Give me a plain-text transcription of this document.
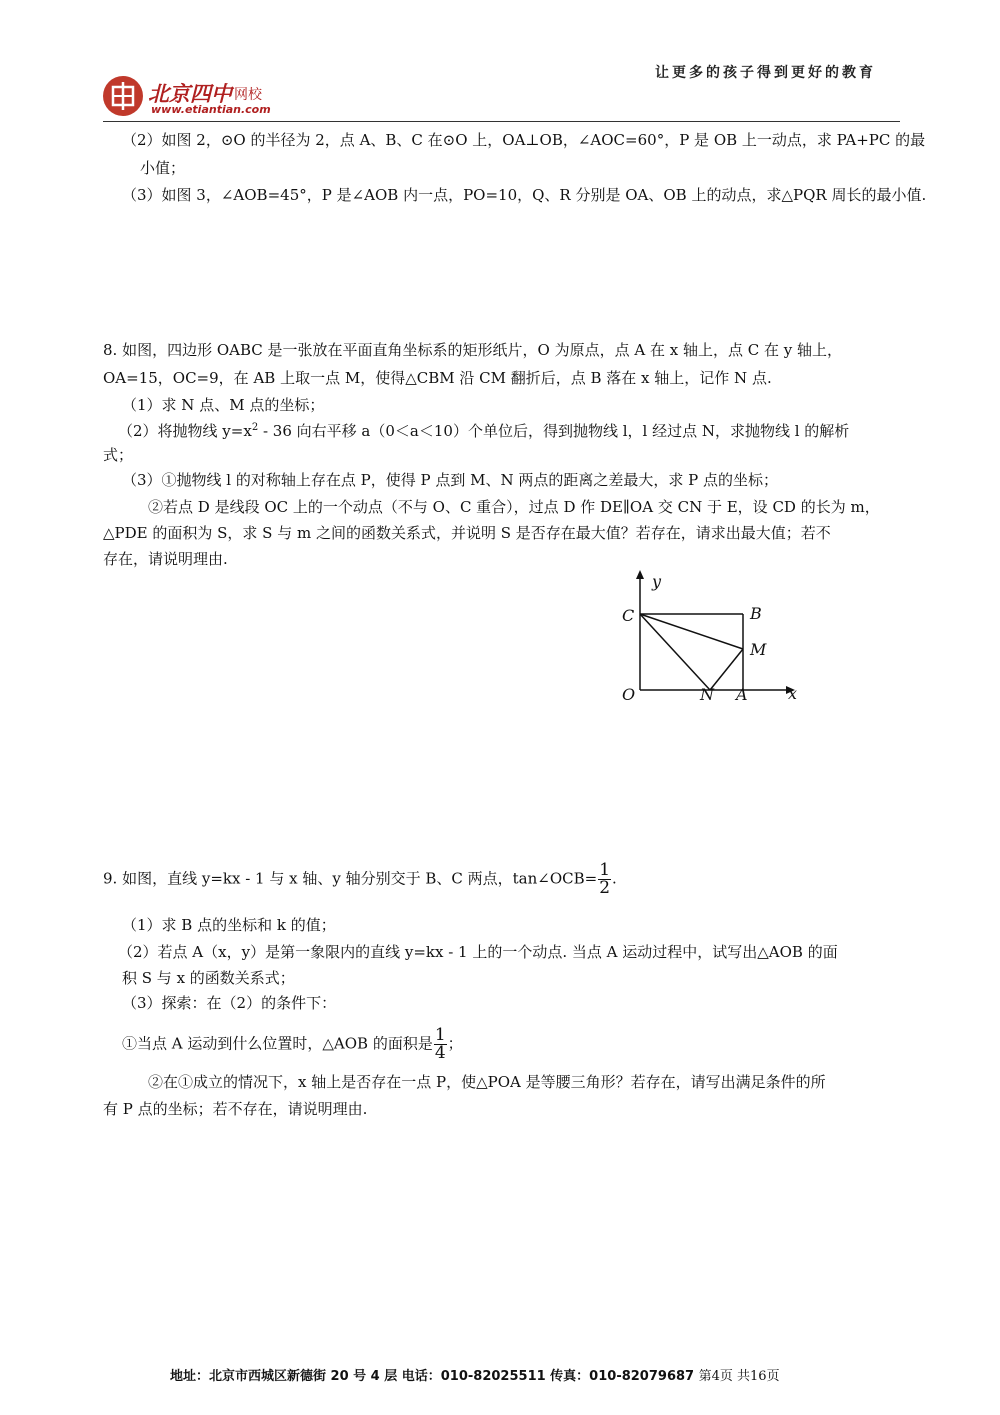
让更多的孩子得到更好的教育
北京四中 网校
www.etiantian.com
（2）如图 2，⊙O 的半径为 2，点 A、B、C 在⊙O 上，OA⊥OB，∠AOC=60°，P 是 OB 上一动点，求 PA+PC 的最
小值；
（3）如图 3，∠AOB=45°，P 是∠AOB 内一点，PO=10，Q、R 分别是 OA、OB 上的动点，求△PQR 周长的最小值.
8. 如图，四边形 OABC 是一张放在平面直角坐标系的矩形纸片，O 为原点，点 A 在 x 轴上，点 C 在 y 轴上，
OA=15，OC=9，在 AB 上取一点 M，使得△CBM 沿 CM 翻折后，点 B 落在 x 轴上，记作 N 点.
（1）求 N 点、M 点的坐标；
（2）将抛物线 $y=x^2 - 36$ 向右平移 a（0＜a＜10）个单位后，得到抛物线 l，l 经过点 N，求抛物线 l 的解析
式；
（3）①抛物线 l 的对称轴上存在点 P，使得 P 点到 M、N 两点的距离之差最大，求 P 点的坐标；
②若点 D 是线段 OC 上的一个动点（不与 O、C 重合），过点 D 作 DE∥OA 交 CN 于 E，设 CD 的长为 m，
△PDE 的面积为 S，求 S 与 m 之间的函数关系式，并说明 S 是否存在最大值？若存在，请求出最大值；若不
存在，请说明理由.
y
x
C	B
M
O	N A
9. 如图，直线 y=kx - 1 与 x 轴、y 轴分别交于 B、C 两点，tan∠OCB= $\frac{1}{2}$ .
（1）求 B 点的坐标和 k 的值；
（2）若点 A（x，y）是第一象限内的直线 y=kx - 1 上的一个动点. 当点 A 运动过程中，试写出△AOB 的面
积 S 与 x 的函数关系式；
（3）探索：在（2）的条件下：
①当点 A 运动到什么位置时，△AOB 的面积是 $\frac{1}{4}$ ；
②在①成立的情况下，x 轴上是否存在一点 P，使△POA 是等腰三角形？若存在，请写出满足条件的所
有 P 点的坐标；若不存在，请说明理由.
地址：北京市西城区新德街 20 号 4 层 电话：010-82025511 传真：010-82079687 第4页 共16页
